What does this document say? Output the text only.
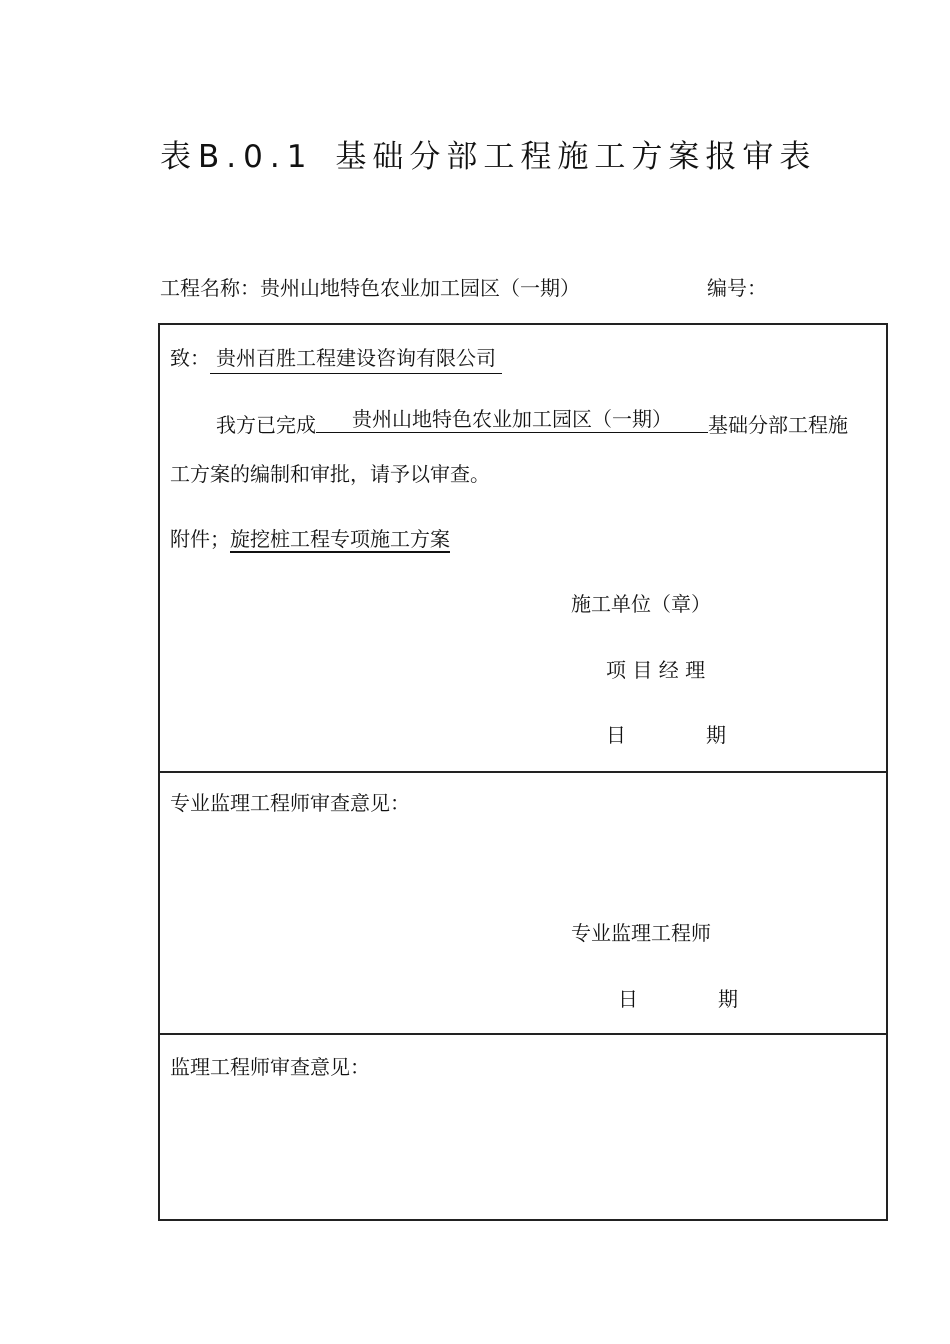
表B.0.1 基础分部工程施工方案报审表
工程名称：贵州山地特色农业加工园区（一期）	编号：
致： 贵州百胜工程建设咨询有限公司
我方已完成 贵州山地特色农业加工园区（一期） 基础分部工程施
工方案的编制和审批，请予以审查。
附件；旋挖桩工程专项施工方案
施工单位（章）
项 目 经 理
日	期
专业监理工程师审查意见：
专业监理工程师
日	期
监理工程师审查意见：
